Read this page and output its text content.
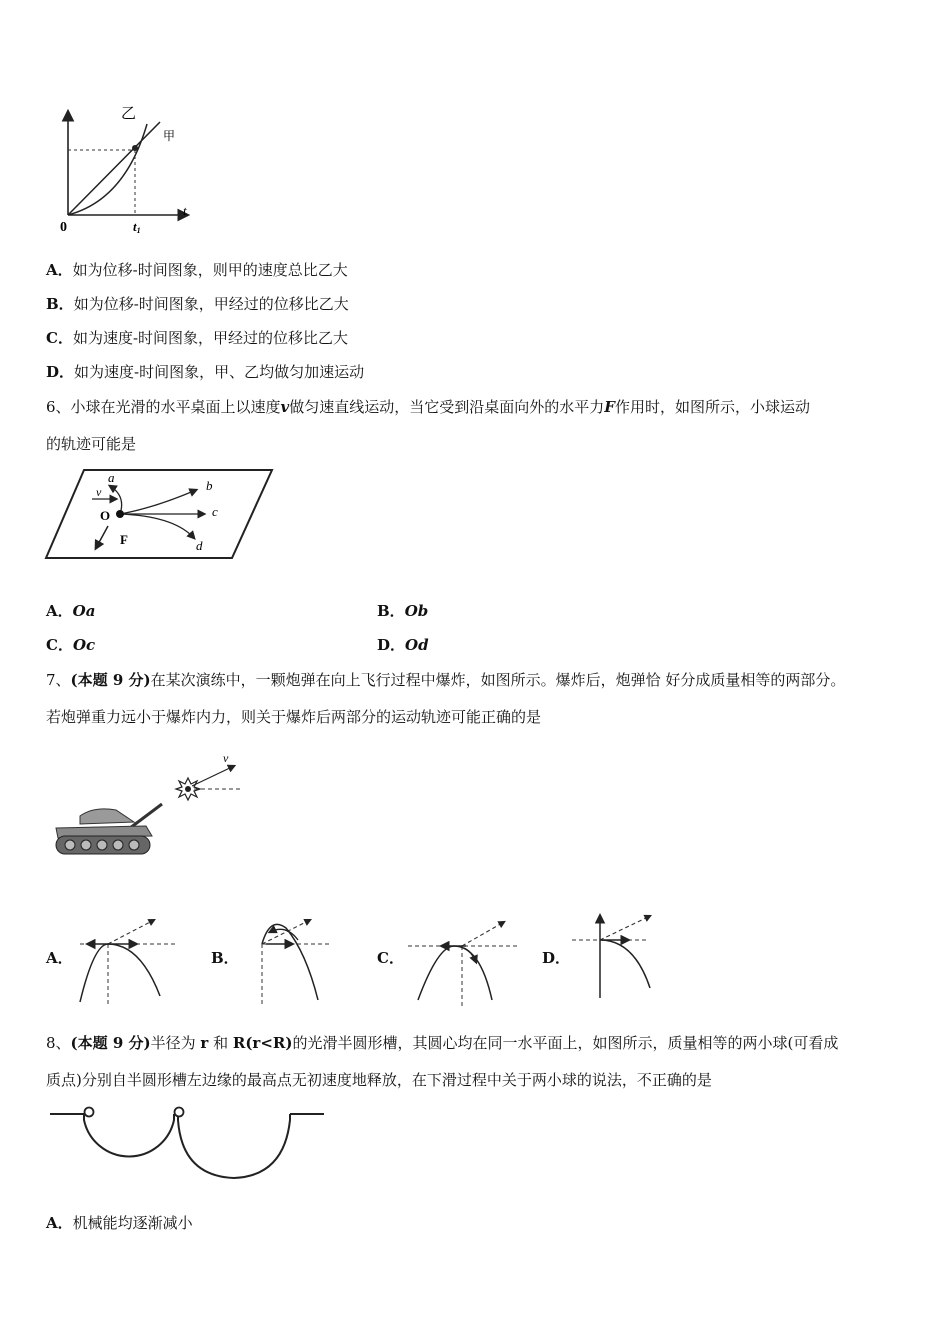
乙
甲
0	t1
t
A．如为位移-时间图象，则甲的速度总比乙大
B．如为位移-时间图象，甲经过的位移比乙大
C．如为速度-时间图象，甲经过的位移比乙大
D．如为速度-时间图象，甲、乙均做匀加速运动
6、小球在光滑的水平桌面上以速度v做匀速直线运动，当它受到沿桌面向外的水平力F作用时，如图所示，小球运动
的轨迹可能是
a
b
c
d
v
O
F
A．Oa	B．Ob
C．Oc	D．Od
7、(本题 9 分)在某次演练中，一颗炮弹在向上飞行过程中爆炸，如图所示。爆炸后，炮弹恰 好分成质量相等的两部分。
若炮弹重力远小于爆炸内力，则关于爆炸后两部分的运动轨迹可能正确的是
v
A．	B．	C．	D．
8、(本题 9 分)半径为 r 和 R(r<R)的光滑半圆形槽，其圆心均在同一水平面上，如图所示，质量相等的两小球(可看成
质点)分别自半圆形槽左边缘的最高点无初速度地释放，在下滑过程中关于两小球的说法，不正确的是
A．机械能均逐渐减小
